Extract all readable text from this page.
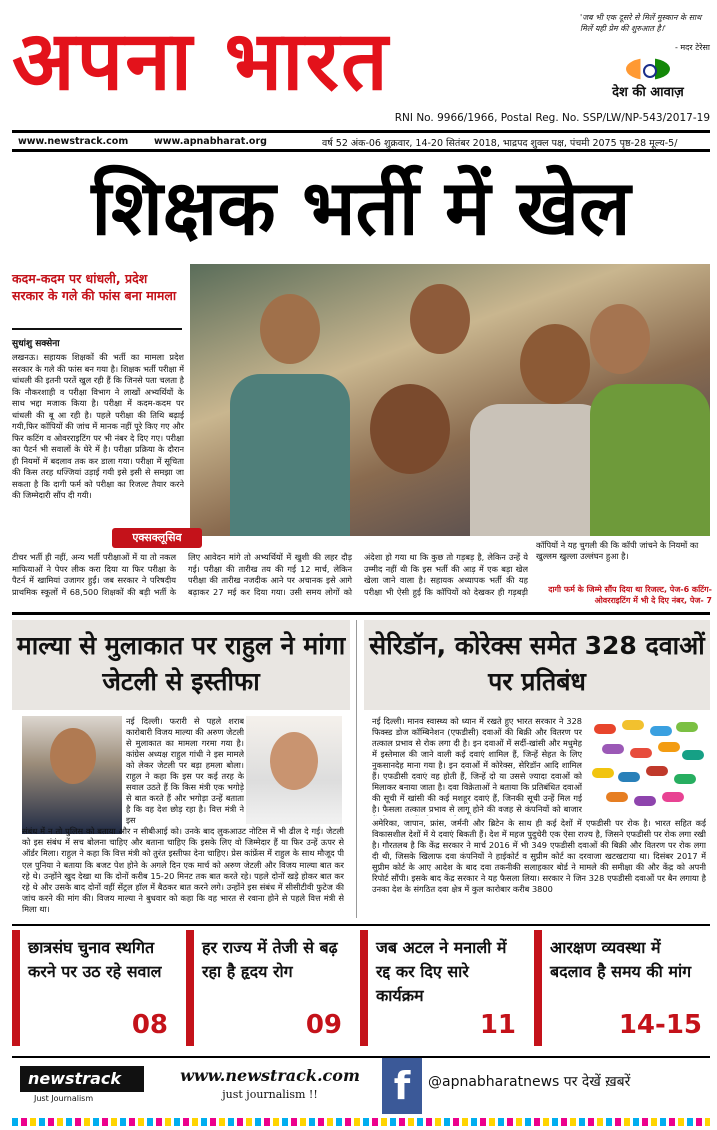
अपना भारत	'जब भी एक दूसरे से मिलें मुस्कान के साथ मिलें यही प्रेम की शुरुआत है।'
- मदर टेरेसा
देश की आवाज़
RNI No. 9966/1966, Postal Reg. No. SSP/LW/NP-543/2017-19
www.newstrack.com	www.apnabharat.org	वर्ष 52 अंक-06 शुक्रवार, 14-20 सितंबर 2018, भाद्रपद शुक्ल पक्ष, पंचमी 2075 पृष्ठ-28 मूल्य-5/
शिक्षक भर्ती में खेल
कदम-कदम पर धांधली, प्रदेश सरकार के गले की फांस बना मामला
सुधांशु सक्सेना
लखनऊ। सहायक शिक्षकों की भर्ती का मामला प्रदेश सरकार के गले की फांस बन गया है। शिक्षक भर्ती परीक्षा में धांधली की इतनी परतें खुल रही हैं कि जिनसे पता चलता है कि नौकरशाही व परीक्षा विभाग ने लाखों अभ्यर्थियों के साथ भद्दा मजाक किया है। परीक्षा में कदम-कदम पर धांधली की बू आ रही है। पहले परीक्षा की तिथि बढ़ाई गयी,फिर कॉपियों की जांच में मानक नहीं पूरे किए गए और फिर कटिंग व ओवरराइटिंग पर भी नंबर दे दिए गए। परीक्षा का पैटर्न भी सवालों के घेरे में है। परीक्षा प्रक्रिया के दौरान ही नियमों में बदलाव तक कर डाला गया। परीक्षा में सूचिता की किस तरह धज्जियां उड़ाई गयी इसे इसी से समझा जा सकता है कि दागी फर्म को परीक्षा का रिजल्ट तैयार करने की जिम्मेदारी सौंप दी गयी।
एक्सक्लूसिव
टीचर भर्ती ही नहीं, अन्य भर्ती परीक्षाओं में या तो नकल माफियाओं ने पेपर लीक करा दिया या फिर परीक्षा के पैटर्न में खामियां उजागर हुईं। जब सरकार ने परिषदीय प्राथमिक स्कूलों में 68,500 शिक्षकों की बड़ी भर्ती के लिए आवेदन मांगे तो अभ्यर्थियों में खुशी की लहर दौड़ गई। परीक्षा की तारीख तय की गई 12 मार्च, लेकिन परीक्षा की तारीख नजदीक आने पर अचानक इसे आगे बढ़ाकर 27 मई कर दिया गया। उसी समय लोगों को अंदेशा हो गया था कि कुछ तो गड़बड़ है, लेकिन उन्हें ये उम्मीद नहीं थी कि इस भर्ती की आड़ में एक बड़ा खेल खेला जाने वाला है। सहायक अध्यापक भर्ती की यह परीक्षा भी ऐसी हुई कि कॉपियों को देखकर ही गड़बड़ी
कॉपियों ने यह चुगली की कि कॉपी जांचने के नियमों का खुल्लम खुल्ला उल्लंघन हुआ है।
दागी फर्म के जिम्मे सौंप दिया था रिजल्ट, पेज-6 कटिंग-ओवरराइटिंग में भी दे दिए नंबर, पेज- 7
माल्या से मुलाकात पर राहुल ने मांगा जेटली से इस्तीफा
नई दिल्ली। फरारी से पहले शराब कारोबारी विजय माल्या की अरुण जेटली से मुलाकात का मामला गरमा गया है। कांग्रेस अध्यक्ष राहुल गांधी ने इस मामले को लेकर जेटली पर बड़ा हमला बोला। राहुल ने कहा कि इस पर कई तरह के सवाल उठते हैं कि किस मंत्री एक भगोड़े से बात करते हैं और भगोड़ा उन्हें बताता है कि वह देश छोड़ रहा है। वित्त मंत्री ने इस
संबंध में न तो पुलिस को बताया और न सीबीआई को। उनके बाद लुकआउट नोटिस में भी ढील दे गई। जेटली को इस संबंध में सच बोलना चाहिए और बताना चाहिए कि इसके लिए वो जिम्मेदार हैं या फिर उन्हें ऊपर से ऑर्डर मिला। राहुल ने कहा कि वित्त मंत्री को तुरंत इस्तीफा देना चाहिए। प्रेस कांफ्रेंस में राहुल के साथ मौजूद पी एल पुनिया ने बताया कि बजट पेश होने के अगले दिन एक मार्च को अरुण जेटली और विजय माल्या बात कर रहे थे। उन्होंने खुद देखा था कि दोनों करीब 15-20 मिनट तक बात करते रहे। पहले दोनों खड़े होकर बात कर रहे थे और उसके बाद दोनों वहीं सेंट्रल हॉल में बैठकर बात करने लगे। उन्होंने इस संबंध में सीसीटीवी फुटेज की जांच करने की मांग की। विजय माल्या ने बुधवार को कहा कि वह भारत से रवाना होने से पहले वित्त मंत्री से मिला था।
सेरिडॉन, कोरेक्स समेत 328 दवाओं पर प्रतिबंध
नई दिल्ली। मानव स्वास्थ्य को ध्यान में रखते हुए भारत सरकार ने 328 फिक्स्ड डोज कॉम्बिनेशन (एफडीसी) दवाओं की बिक्री और वितरण पर तत्काल प्रभाव से रोक लगा दी है। इन दवाओं में सर्दी-खांसी और मधुमेह में इस्तेमाल की जाने वाली कई दवाएं शामिल हैं, जिन्हें सेहत के लिए नुकसानदेह माना गया है। इन दवाओं में कोरेक्स, सेरिडॉन आदि शामिल हैं। एफडीसी दवाएं वह होती हैं, जिन्हें दो या उससे ज्यादा दवाओं को मिलाकर बनाया जाता है। दवा विक्रेताओं ने बताया कि प्रतिबंधित दवाओं की सूची में खांसी की कई मशहूर दवाएं हैं, जिनकी सूची उन्हें मिल गई है। फैसला तत्काल प्रभाव से लागू होने की वजह से कंपनियों को बाजार
अमेरिका, जापान, फ्रांस, जर्मनी और ब्रिटेन के साथ ही कई देशों में एफडीसी पर रोक है। भारत सहित कई विकासशील देशों में ये दवाएं बिकती हैं। देश में महज पुदुचेरी एक ऐसा राज्य है, जिसने एफडीसी पर रोक लगा रखी है। गौरतलब है कि केंद्र सरकार ने मार्च 2016 में भी 349 एफडीसी दवाओं की बिक्री और वितरण पर रोक लगा दी थी, जिसके खिलाफ दवा कंपनियों ने हाईकोर्ट व सुप्रीम कोर्ट का दरवाजा खटखटाया था। दिसंबर 2017 में सुप्रीम कोर्ट के आए आदेश के बाद दवा तकनीकी सलाहकार बोर्ड ने मामले की समीक्षा की और केंद्र को अपनी रिपोर्ट सौंपी। इसके बाद केंद्र सरकार ने यह फैसला लिया। सरकार ने जिन 328 एफडीसी दवाओं पर बैन लगाया है उनका देश के संगठित दवा क्षेत्र में कुल कारोबार करीब 3800
छात्रसंघ चुनाव स्थगित करने पर उठ रहे सवाल
08
हर राज्य में तेजी से बढ़ रहा है हृदय रोग
09
जब अटल ने मनाली में रद्द कर दिए सारे कार्यक्रम
11
आरक्षण व्यवस्था में बदलाव है समय की मांग
14-15
newstrack
Just Journalism
www.newstrack.com
just journalism !!	f	@apnabharatnews पर देखें ख़बरें
